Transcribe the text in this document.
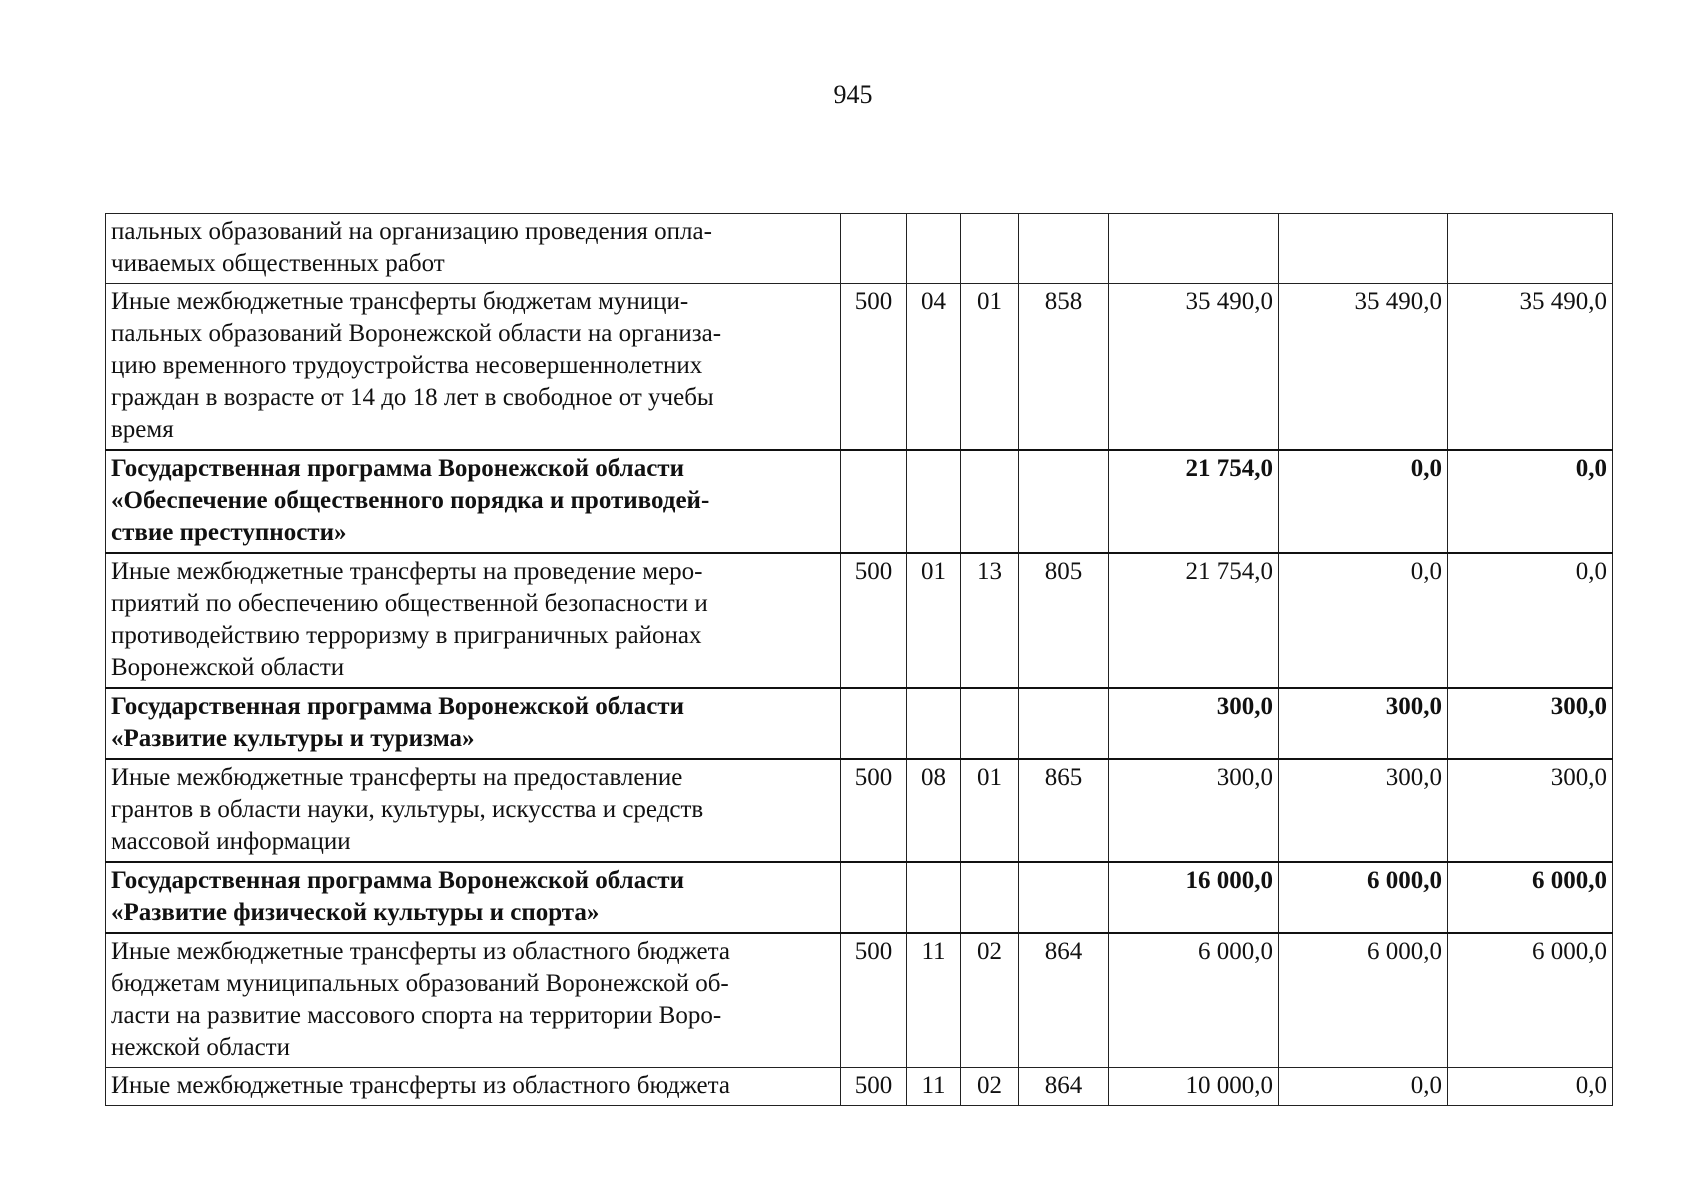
945
пальных образований на организацию проведения опла-
чиваемых общественных работ							
Иные межбюджетные трансферты бюджетам муници-
пальных образований Воронежской области на организа-
цию временного трудоустройства несовершеннолетних
граждан в возрасте от 14 до 18 лет в свободное от учебы
время	500	04	01	858	35 490,0	35 490,0	35 490,0
Государственная программа Воронежской области
«Обеспечение общественного порядка и противодей-
ствие преступности»					21 754,0	0,0	0,0
Иные межбюджетные трансферты на проведение меро-
приятий по обеспечению общественной безопасности и
противодействию терроризму в приграничных районах
Воронежской области	500	01	13	805	21 754,0	0,0	0,0
Государственная программа Воронежской области
«Развитие культуры и туризма»					300,0	300,0	300,0
Иные межбюджетные трансферты на предоставление
грантов в области науки, культуры, искусства и средств
массовой информации	500	08	01	865	300,0	300,0	300,0
Государственная программа Воронежской области
«Развитие физической культуры и спорта»					16 000,0	6 000,0	6 000,0
Иные межбюджетные трансферты из областного бюджета
бюджетам муниципальных образований Воронежской об-
ласти на развитие массового спорта на территории Воро-
нежской области	500	11	02	864	6 000,0	6 000,0	6 000,0
Иные межбюджетные трансферты из областного бюджета	500	11	02	864	10 000,0	0,0	0,0
